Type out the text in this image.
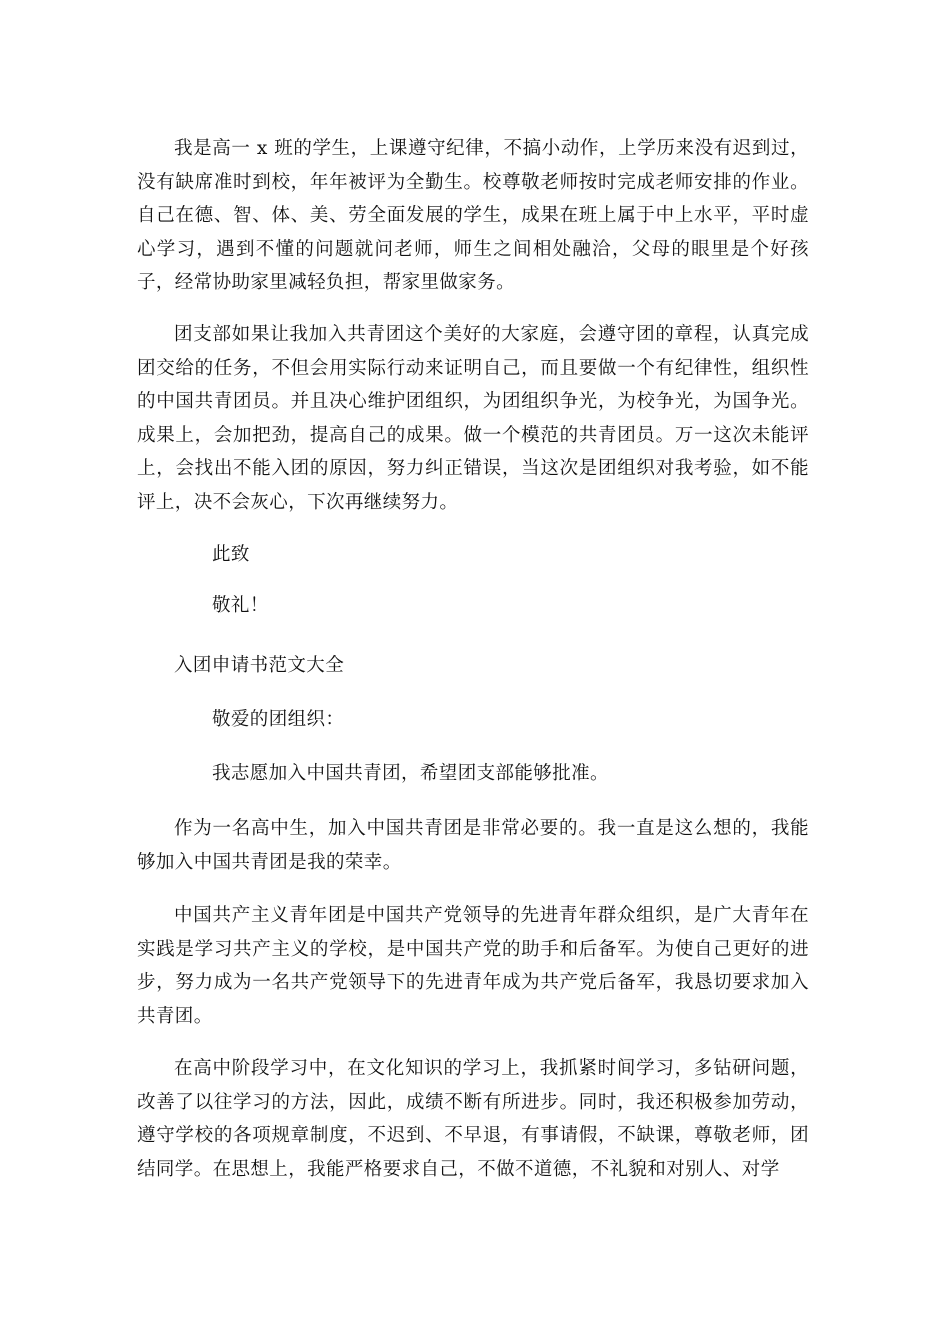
我是高一 x 班的学生，上课遵守纪律，不搞小动作，上学历来没有迟到过，没有缺席准时到校，年年被评为全勤生。校尊敬老师按时完成老师安排的作业。自己在德、智、体、美、劳全面发展的学生，成果在班上属于中上水平，平时虚心学习，遇到不懂的问题就问老师，师生之间相处融洽，父母的眼里是个好孩子，经常协助家里减轻负担，帮家里做家务。

团支部如果让我加入共青团这个美好的大家庭，会遵守团的章程，认真完成团交给的任务，不但会用实际行动来证明自己，而且要做一个有纪律性，组织性的中国共青团员。并且决心维护团组织，为团组织争光，为校争光，为国争光。成果上，会加把劲，提高自己的成果。做一个模范的共青团员。万一这次未能评上，会找出不能入团的原因，努力纠正错误，当这次是团组织对我考验，如不能评上，决不会灰心，下次再继续努力。

此致

敬礼！

入团申请书范文大全

敬爱的团组织：

我志愿加入中国共青团，希望团支部能够批准。

作为一名高中生，加入中国共青团是非常必要的。我一直是这么想的，我能够加入中国共青团是我的荣幸。

中国共产主义青年团是中国共产党领导的先进青年群众组织，是广大青年在实践是学习共产主义的学校，是中国共产党的助手和后备军。为使自己更好的进步，努力成为一名共产党领导下的先进青年成为共产党后备军，我恳切要求加入共青团。

在高中阶段学习中，在文化知识的学习上，我抓紧时间学习，多钻研问题，改善了以往学习的方法，因此，成绩不断有所进步。同时，我还积极参加劳动，遵守学校的各项规章制度，不迟到、不早退，有事请假，不缺课，尊敬老师，团结同学。在思想上，我能严格要求自己，不做不道德，不礼貌和对别人、对学
